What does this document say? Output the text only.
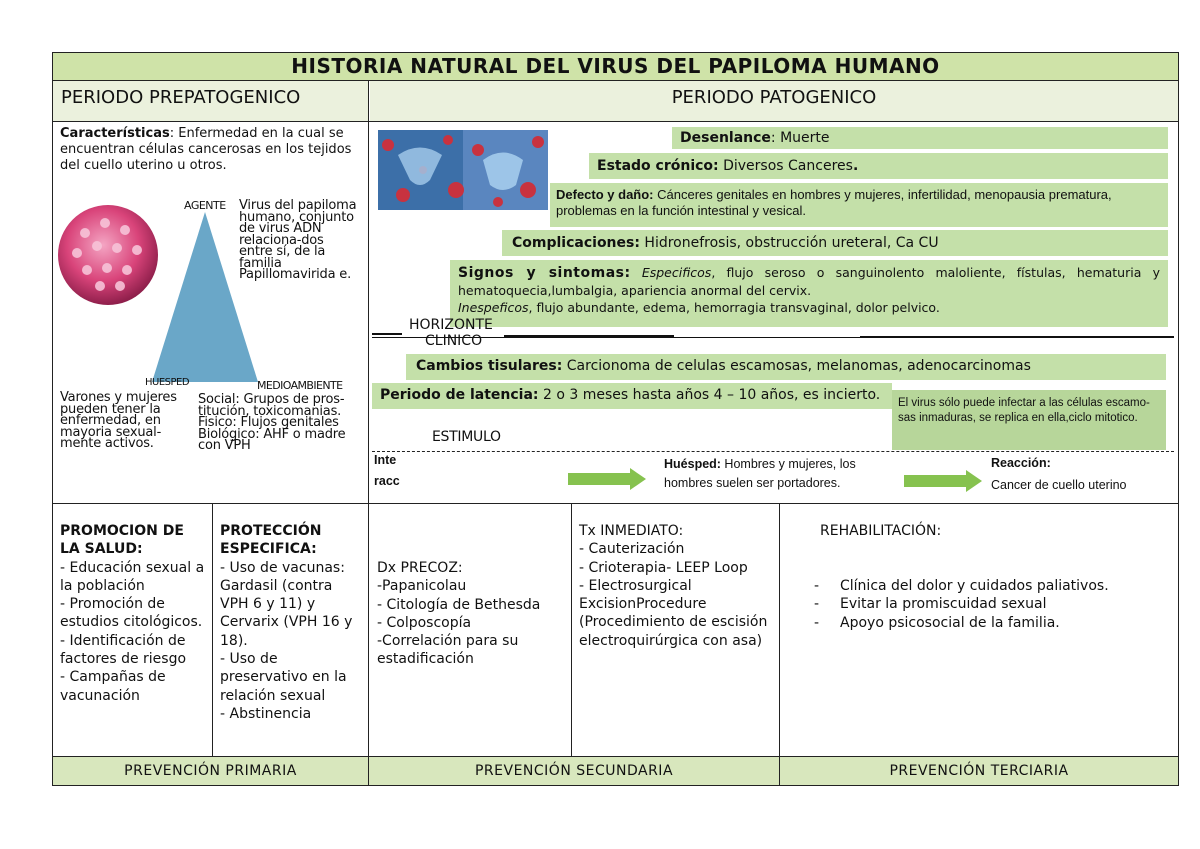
HISTORIA NATURAL DEL VIRUS DEL PAPILOMA HUMANO
PERIODO PREPATOGENICO	PERIODO PATOGENICO
Características: Enfermedad en la cual se encuentran células cancerosas en los tejidos del cuello uterino u otros.
AGENTE Virus del papiloma humano, conjunto de virus ADN relaciona-dos entre sí, de la familia Papillomavirida e.
HUESPED	MEDIOAMBIENTE
Varones y mujeres pueden tener la enfermedad, en mayoria sexual-mente activos.
Social: Grupos de pros-titución, toxicomanias. Fisico: Flujos genitales Biológico: AHF o madre con VPH
Desenlance: Muerte
Estado crónico: Diversos Canceres.
Defecto y daño: Cánceres genitales en hombres y mujeres, infertilidad, menopausia prematura, problemas en la función intestinal y vesical.
Complicaciones: Hidronefrosis, obstrucción ureteral, Ca CU
Signos y sintomas: Especificos, flujo seroso o sanguinolento maloliente, fístulas, hematuria y hematoquecia,lumbalgia, apariencia anormal del cervix.
Inespeficos, flujo abundante, edema, hemorragia transvaginal, dolor pelvico.
HORIZONTE
CLINICO
Cambios tisulares: Carcionoma de celulas escamosas, melanomas, adenocarcinomas
Periodo de latencia: 2 o 3 meses hasta años 4 – 10 años, es incierto.	El virus sólo puede infectar a las células escamo-sas inmaduras, se replica en ella,ciclo mitotico.
ESTIMULO
Inte
racc
Huésped: Hombres y mujeres, los hombres suelen ser portadores.
Reacción:
Cancer de cuello uterino
PROMOCION DE LA SALUD:
- Educación sexual a la población
- Promoción de estudios citológicos. - Identificación de factores de riesgo
- Campañas de vacunación
PROTECCIÓN ESPECIFICA:
- Uso de vacunas: Gardasil (contra VPH 6 y 11) y Cervarix (VPH 16 y 18).
- Uso de preservativo en la relación sexual
- Abstinencia
Dx PRECOZ:
-Papanicolau
- Citología de Bethesda
- Colposcopía
-Correlación para su estadificación
Tx INMEDIATO:
- Cauterización
- Crioterapia- LEEP Loop
- Electrosurgical ExcisionProcedure (Procedimiento de escisión electroquirúrgica con asa)
REHABILITACIÓN:
- Clínica del dolor y cuidados paliativos.
- Evitar la promiscuidad sexual
- Apoyo psicosocial de la familia.
PREVENCIÓN PRIMARIA	PREVENCIÓN SECUNDARIA	PREVENCIÓN TERCIARIA
